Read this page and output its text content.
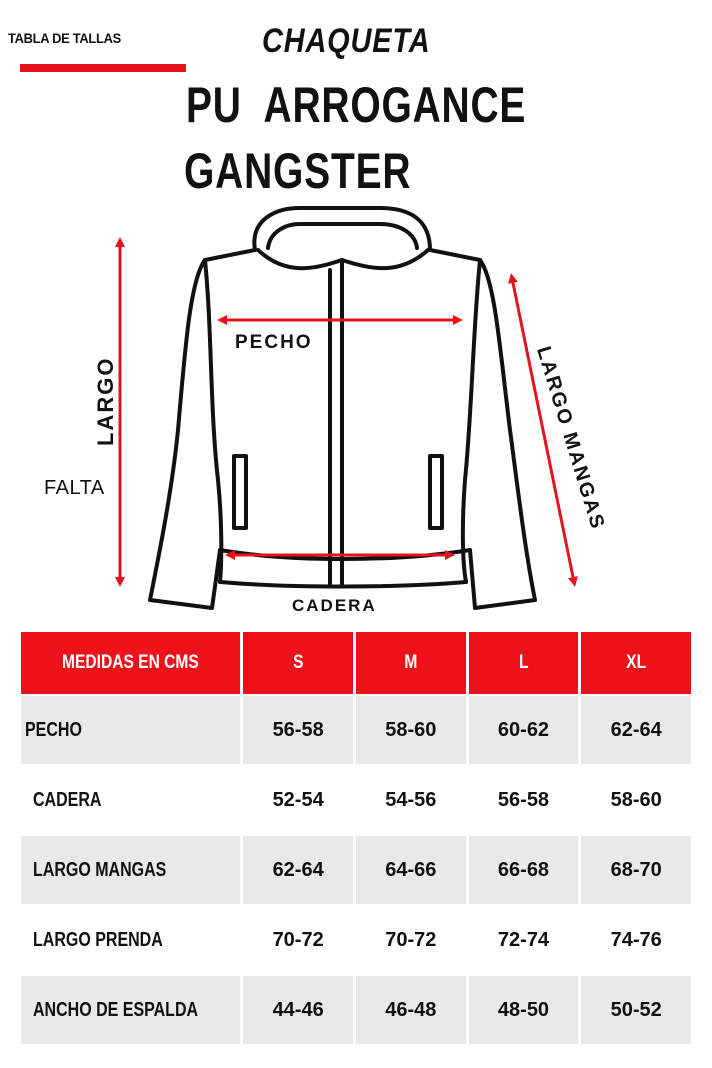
TABLA DE TALLAS	CHAQUETA
PU  ARROGANCE
GANGSTER
PECHO
CADERA
FALTA
LARGO	LARGO MANGAS
MEDIDAS EN CMS	S	M	L	XL
PECHO	56-58	58-60	60-62	62-64
CADERA	52-54	54-56	56-58	58-60
LARGO MANGAS	62-64	64-66	66-68	68-70
LARGO PRENDA	70-72	70-72	72-74	74-76
ANCHO DE ESPALDA	44-46	46-48	48-50	50-52
